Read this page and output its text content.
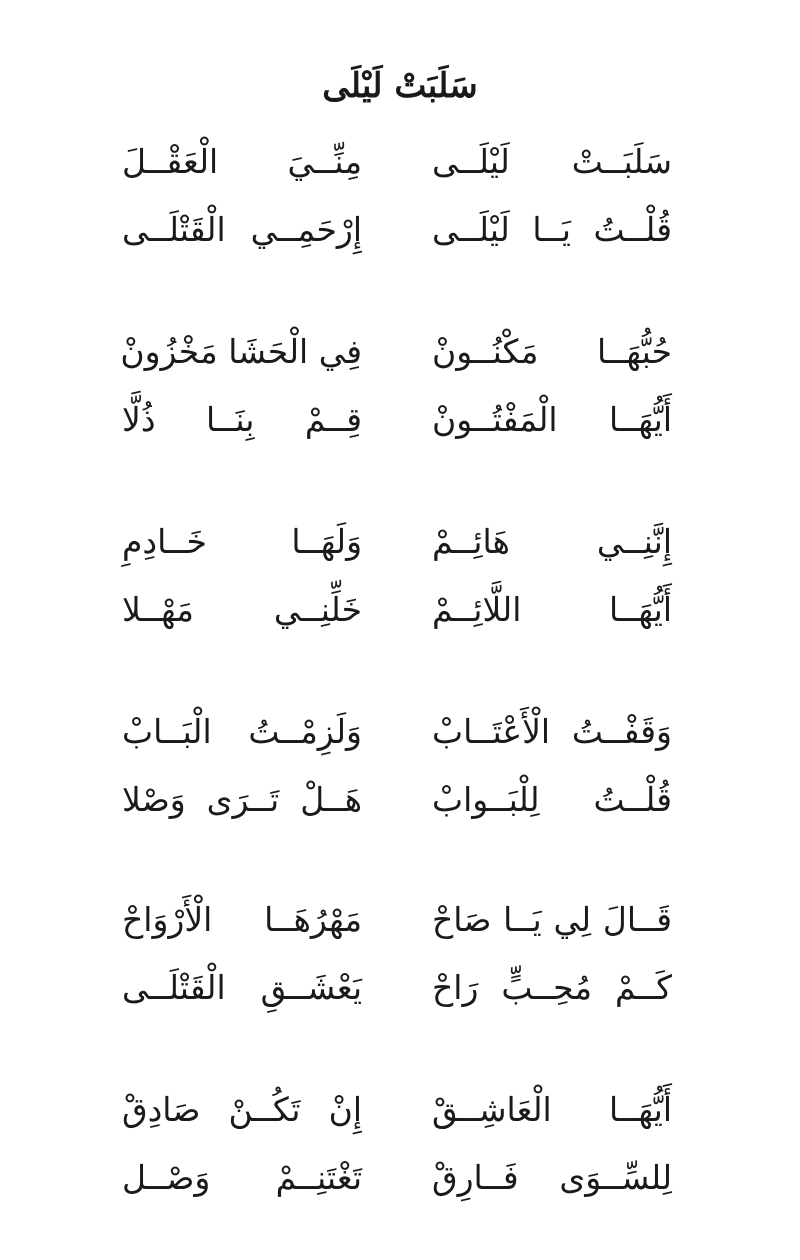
سَلَبَتْ لَيْلَى
سَلَبَــتْ لَيْلَــى
مِنِّــيَ الْعَقْــلَ
قُلْــتُ يَــا لَيْلَــى
إِرْحَمِــي الْقَتْلَــى
حُبُّهَــا مَكْنُــونْ
فِي الْحَشَا مَخْزُونْ
أَيُّهَــا الْمَفْتُــونْ
قِــمْ بِنَــا ذُلَّا
إِنَّنِــي هَائِــمْ
وَلَهَــا خَــادِمِ
أَيُّهَــا اللَّائِــمْ
خَلِّنِــي مَهْــلا
وَقَفْــتُ الْأَعْتَــابْ
وَلَزِمْــتُ الْبَــابْ
قُلْــتُ لِلْبَــوابْ
هَــلْ تَــرَى وَصْلا
قَــالَ لِي يَــا صَاحْ
مَهْرُهَــا الْأَرْوَاحْ
كَــمْ مُحِــبٍّ رَاحْ
يَعْشَــقِ الْقَتْلَــى
أَيُّهَــا الْعَاشِــقْ
إِنْ تَكُــنْ صَادِقْ
لِلسِّــوَى فَــارِقْ
تَغْتَنِــمْ وَصْــل
